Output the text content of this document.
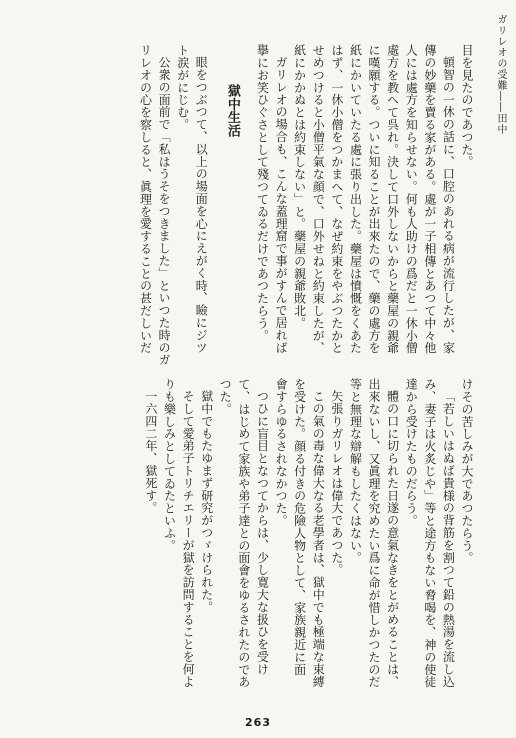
ガリレオの受難――田中
目を見たのであつた。
頓智の一休の話に、口腔のあれる病が流行したが、家
傳の妙藥を賣る家がある。處が一子相傳とあつて中々他
人には處方を知らせない。何も人助けの爲だと一休小僧
處方を教へて呉れ。決して口外しないからと藥屋の親爺
に嘆願する。ついに知ることが出來たので、藥の處方を
紙にかいていたる處に張り出した。藥屋は憤慨をくあた
はず、一休小僧をつかまへて、なぜ約束をやぶつたかと
せめつけると小僧平氣な顔で、口外せねと約束したが、
紙にかかぬとは約束しない」と。藥屋の親爺敗北。
ガリレオの場合も、こんな蓋理窟で事がすんで居れば
擧にお笑ひぐさとして殘つてゐるだけであつたらう。
獄中生活
眼をつぶつて、以上の場面を心にえがく時、瞼にジツ
ト涙がにじむ。
公衆の面前で「私はうそをつきました」といつた時のガ
リレオの心を察しると、眞理を愛することの甚だしいだ
けその苦しみが大であつたらう。
「若しいはぬば貴様の背筋を割つて鉛の熱湯を流し込
み、妻子は火炙じや」等と途方もない脅喝を、神の使徒
達から受けたものだらう。
體の口に切られた日遂の意氣なきをとがめることは、
出來ないし、又眞理を究めたい爲に命が惜しかつたのだ
等と無理な辯解もしたくはない。
矢張りガリレオは偉大であつた。
この氣の毒な偉大なる老學者は、獄中でも極端な束縛
を受けた。顔る付きの危險人物として、家族親近に面
會すらゆるされなかつた。
つひに盲目となつてからは、少し寛大な扱ひを受け
て、はじめて家族や弟子達との面會をゆるされたのであ
つた。
獄中でもたゆまず研究がつゞけられた。
そして愛弟子トリチエリーが獄を訪問することを何よ
りも樂しみとしてゐたといふ。
一六四二年、獄死す。
263
